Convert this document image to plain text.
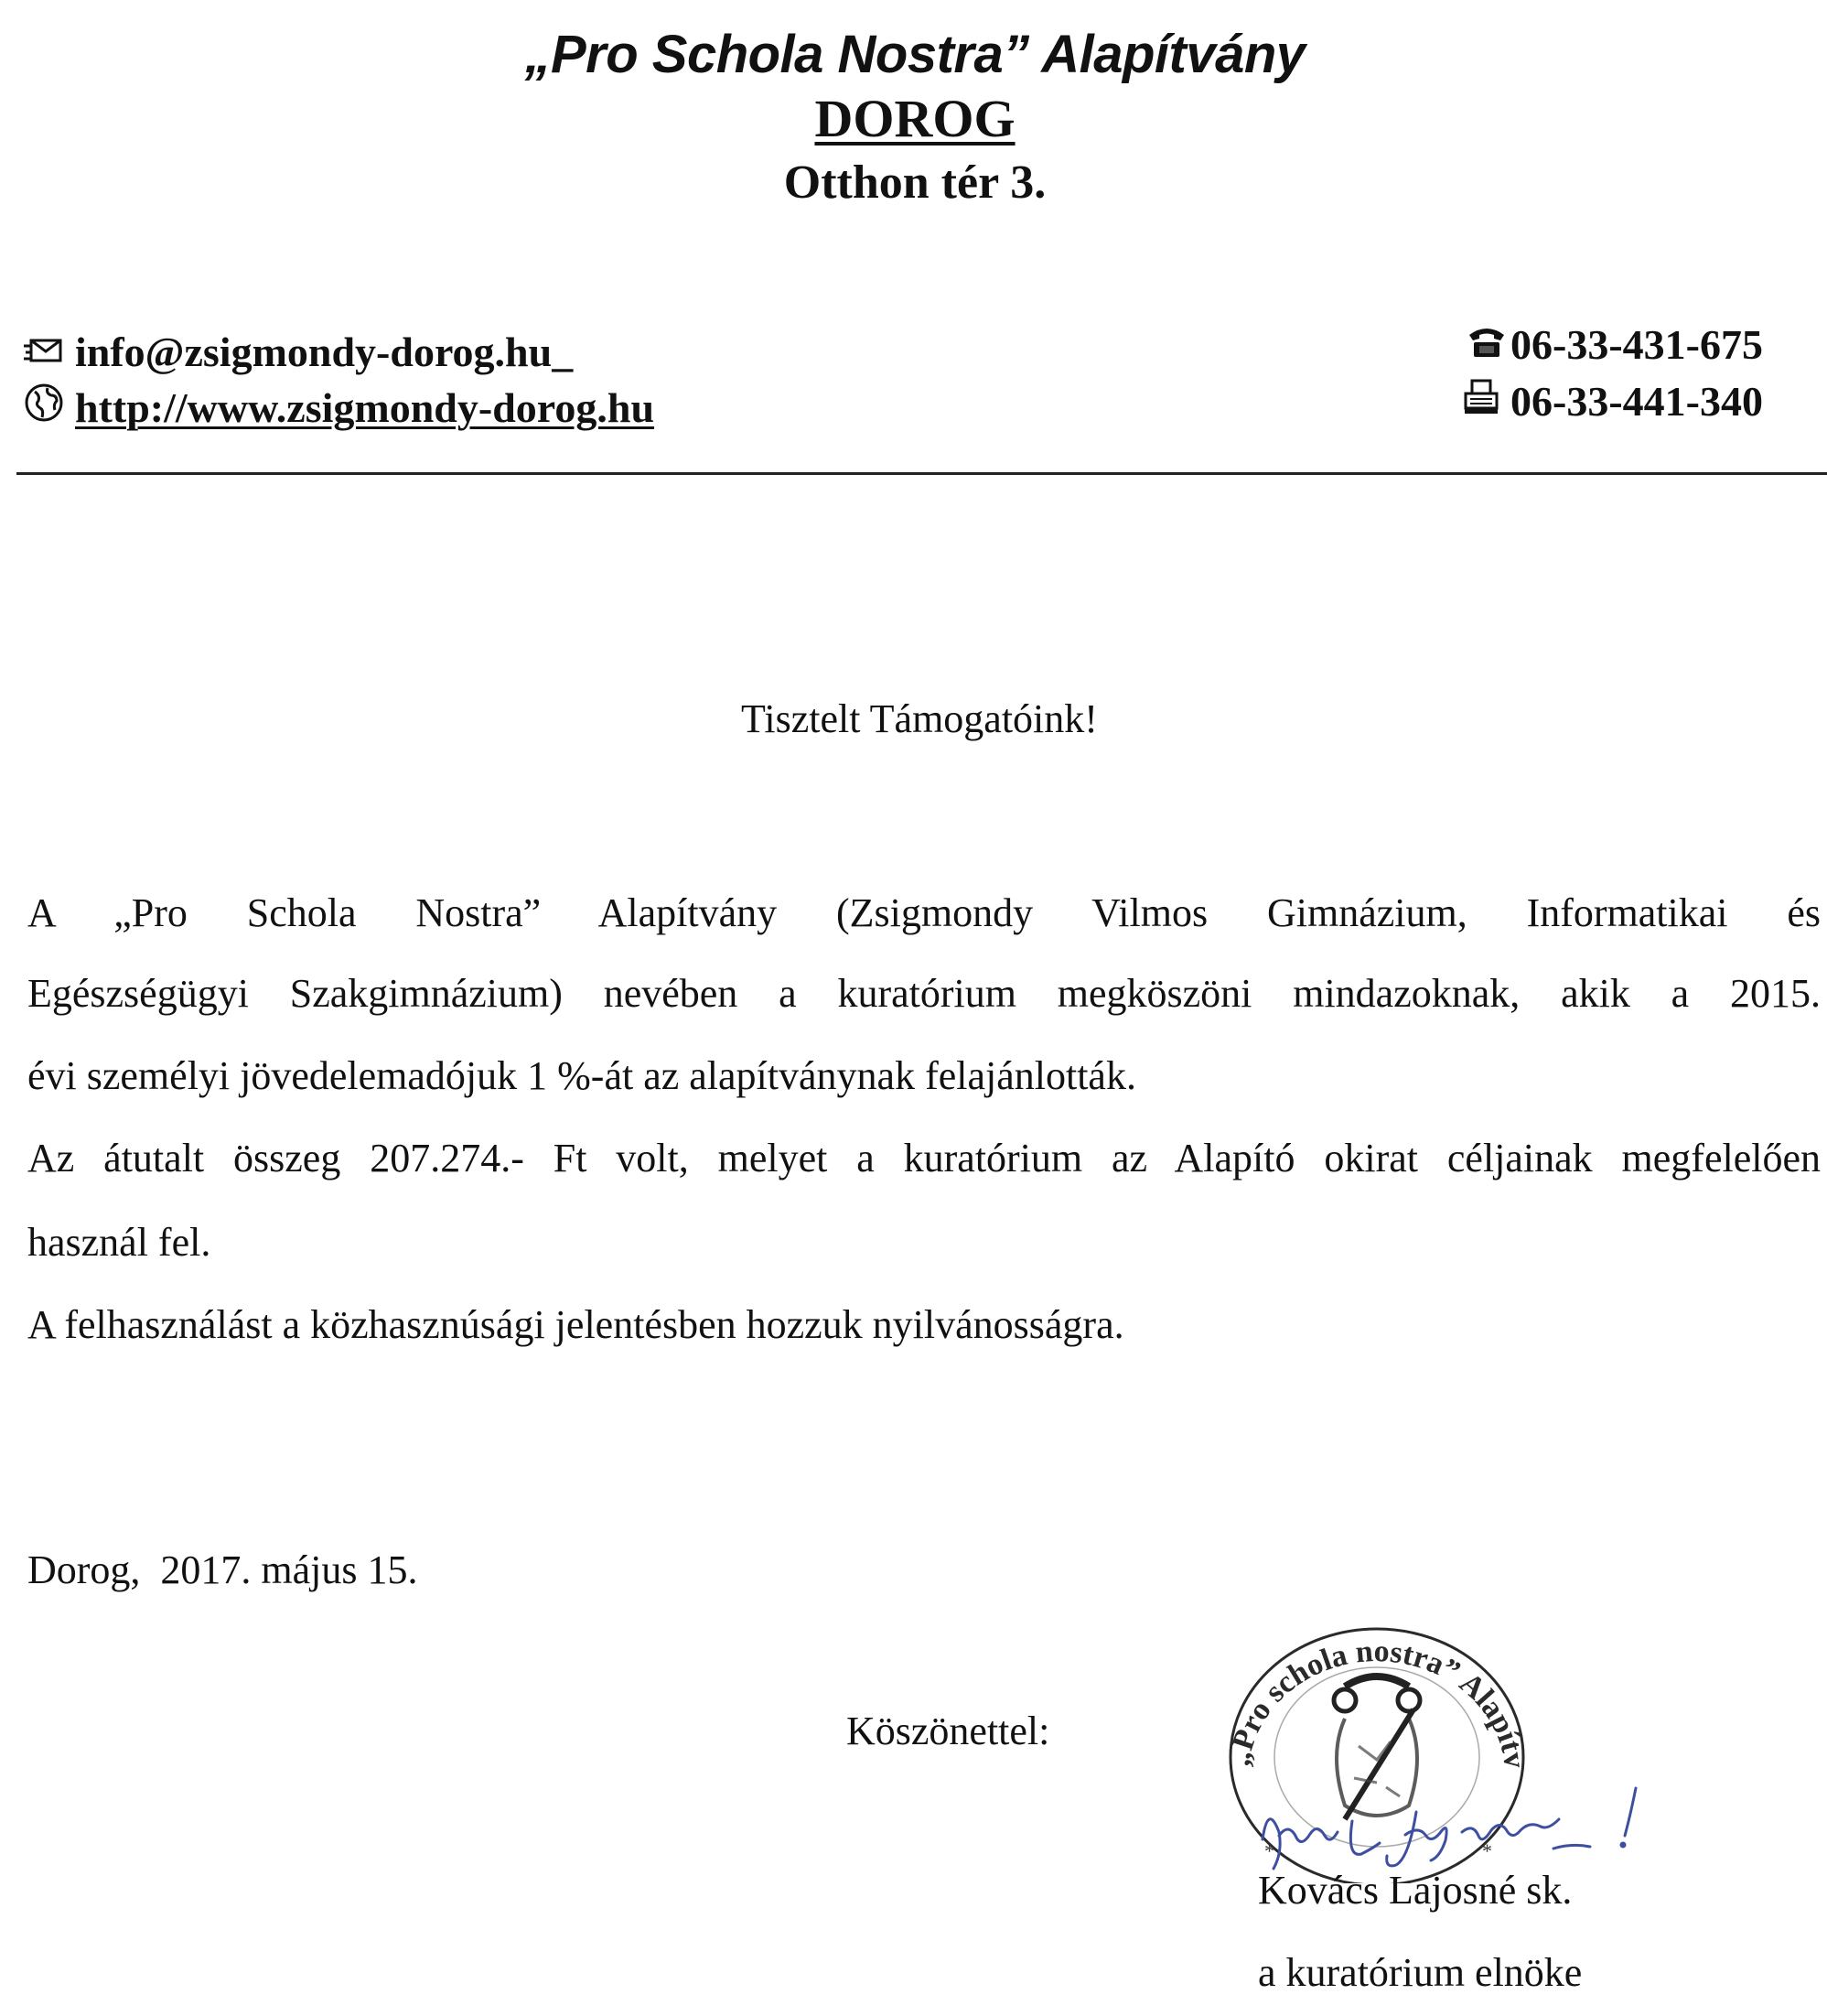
„Pro Schola Nostra” Alapítvány
DOROG
Otthon tér 3.
info@zsigmondy-dorog.hu_
http://www.zsigmondy-dorog.hu
06-33-431-675
06-33-441-340
Tisztelt Támogatóink!
A „Pro Schola Nostra” Alapítvány (Zsigmondy Vilmos Gimnázium, Informatikai és
Egészségügyi Szakgimnázium) nevében a kuratórium megköszöni mindazoknak, akik a 2015.
évi személyi jövedelemadójuk 1 %-át az alapítványnak felajánlották.
Az átutalt összeg 207.274.- Ft volt, melyet a kuratórium az Alapító okirat céljainak megfelelően
használ fel.
A felhasználást a közhasznúsági jelentésben hozzuk nyilvánosságra.
Dorog,  2017. május 15.
Köszönettel:
„Pro schola nostra” Alapítv
*	*
Kovács Lajosné sk.
a kuratórium elnöke
